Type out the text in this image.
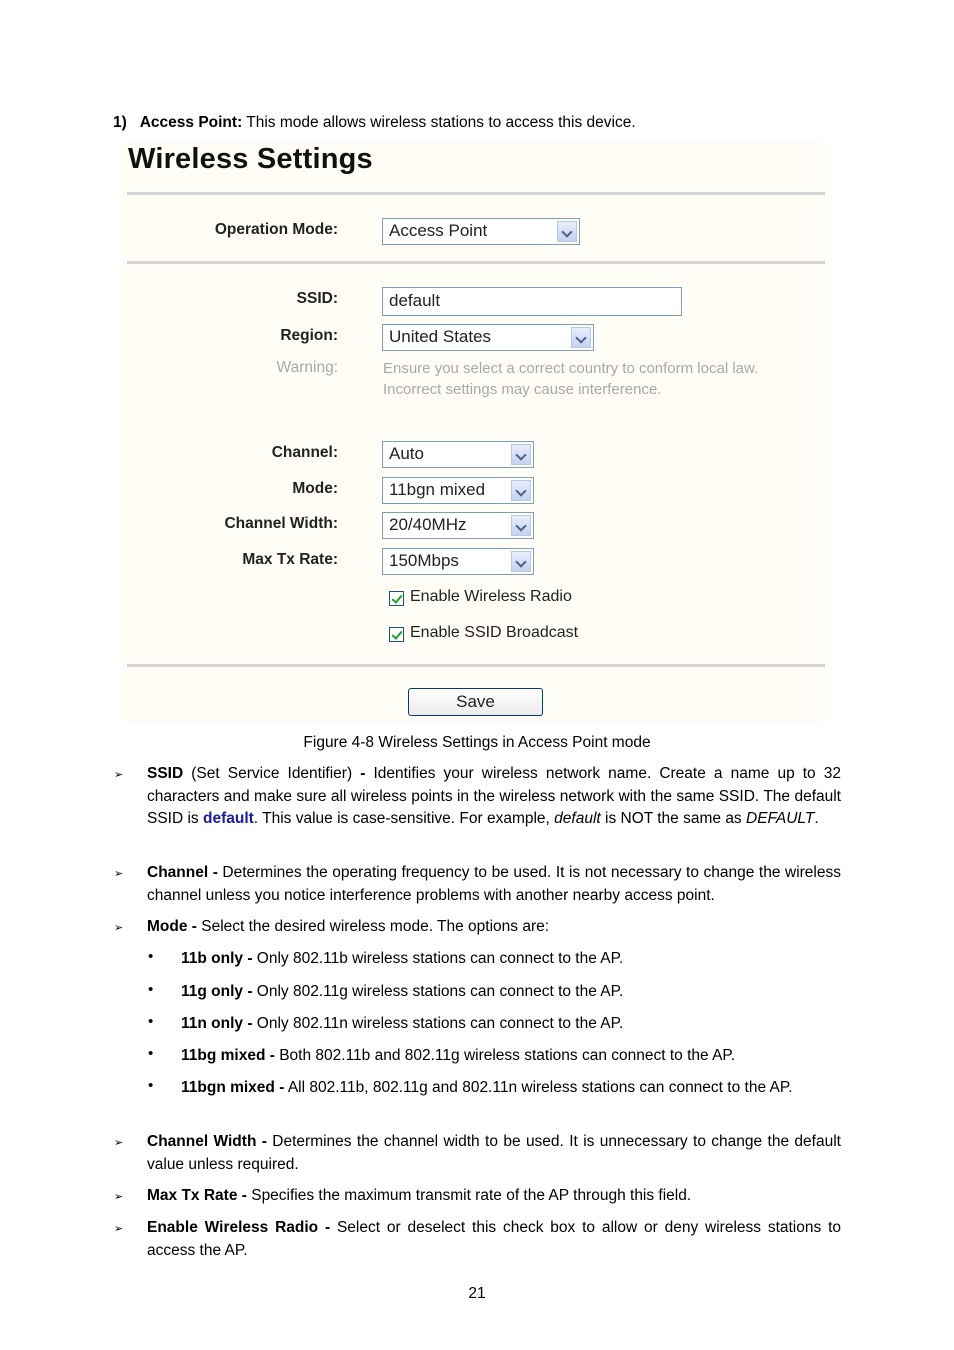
1) Access Point: This mode allows wireless stations to access this device.
Wireless Settings
Operation Mode:	Access Point
SSID:	default
Region:	United States
Warning:	Ensure you select a correct country to conform local law.
Incorrect settings may cause interference.
Channel:	Auto
Mode:	11bgn mixed
Channel Width:	20/40MHz
Max Tx Rate:	150Mbps
Enable Wireless Radio
Enable SSID Broadcast
Save
Figure 4-8 Wireless Settings in Access Point mode
➢ SSID (Set Service Identifier) - Identifies your wireless network name. Create a name up to 32 characters and make sure all wireless points in the wireless network with the same SSID. The default SSID is default. This value is case-sensitive. For example, default is NOT the same as DEFAULT.
➢ Channel - Determines the operating frequency to be used. It is not necessary to change the wireless channel unless you notice interference problems with another nearby access point.
➢ Mode - Select the desired wireless mode. The options are:
• 11b only - Only 802.11b wireless stations can connect to the AP.
• 11g only - Only 802.11g wireless stations can connect to the AP.
• 11n only - Only 802.11n wireless stations can connect to the AP.
• 11bg mixed - Both 802.11b and 802.11g wireless stations can connect to the AP.
• 11bgn mixed - All 802.11b, 802.11g and 802.11n wireless stations can connect to the AP.
➢ Channel Width - Determines the channel width to be used. It is unnecessary to change the default value unless required.
➢ Max Tx Rate - Specifies the maximum transmit rate of the AP through this field.
➢ Enable Wireless Radio - Select or deselect this check box to allow or deny wireless stations to access the AP.
21
